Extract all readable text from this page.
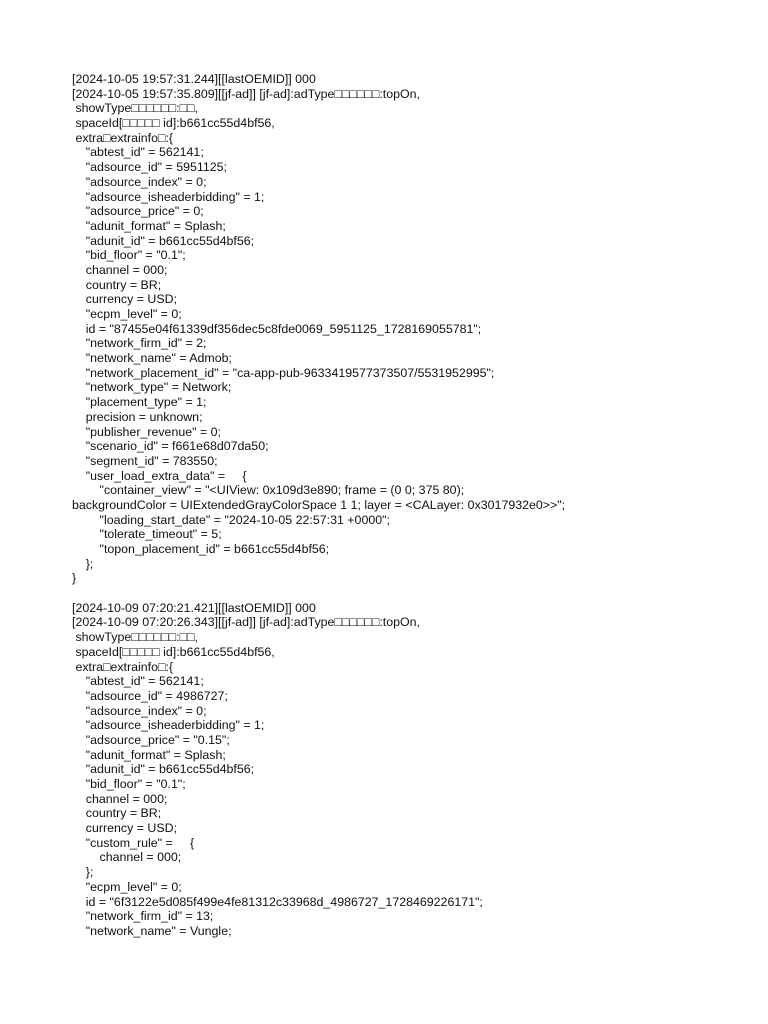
[2024-10-05 19:57:31.244][[lastOEMID]] 000
[2024-10-05 19:57:35.809][[jf-ad]] [jf-ad]:adType□□□□□□:topOn,
showType□□□□□□:□□,
spaceId[□□□□□ id]:b661cc55d4bf56,
extra□extrainfo□:{
"abtest_id" = 562141;
"adsource_id" = 5951125;
"adsource_index" = 0;
"adsource_isheaderbidding" = 1;
"adsource_price" = 0;
"adunit_format" = Splash;
"adunit_id" = b661cc55d4bf56;
"bid_floor" = "0.1";
channel = 000;
country = BR;
currency = USD;
"ecpm_level" = 0;
id = "87455e04f61339df356dec5c8fde0069_5951125_1728169055781";
"network_firm_id" = 2;
"network_name" = Admob;
"network_placement_id" = "ca-app-pub-9633419577373507/5531952995";
"network_type" = Network;
"placement_type" = 1;
precision = unknown;
"publisher_revenue" = 0;
"scenario_id" = f661e68d07da50;
"segment_id" = 783550;
"user_load_extra_data" =     {
"container_view" = "<UIView: 0x109d3e890; frame = (0 0; 375 80);
backgroundColor = UIExtendedGrayColorSpace 1 1; layer = <CALayer: 0x3017932e0>>";
"loading_start_date" = "2024-10-05 22:57:31 +0000";
"tolerate_timeout" = 5;
"topon_placement_id" = b661cc55d4bf56;
};
}
[2024-10-09 07:20:21.421][[lastOEMID]] 000
[2024-10-09 07:20:26.343][[jf-ad]] [jf-ad]:adType□□□□□□:topOn,
showType□□□□□□:□□,
spaceId[□□□□□ id]:b661cc55d4bf56,
extra□extrainfo□:{
"abtest_id" = 562141;
"adsource_id" = 4986727;
"adsource_index" = 0;
"adsource_isheaderbidding" = 1;
"adsource_price" = "0.15";
"adunit_format" = Splash;
"adunit_id" = b661cc55d4bf56;
"bid_floor" = "0.1";
channel = 000;
country = BR;
currency = USD;
"custom_rule" =     {
channel = 000;
};
"ecpm_level" = 0;
id = "6f3122e5d085f499e4fe81312c33968d_4986727_1728469226171";
"network_firm_id" = 13;
"network_name" = Vungle;
